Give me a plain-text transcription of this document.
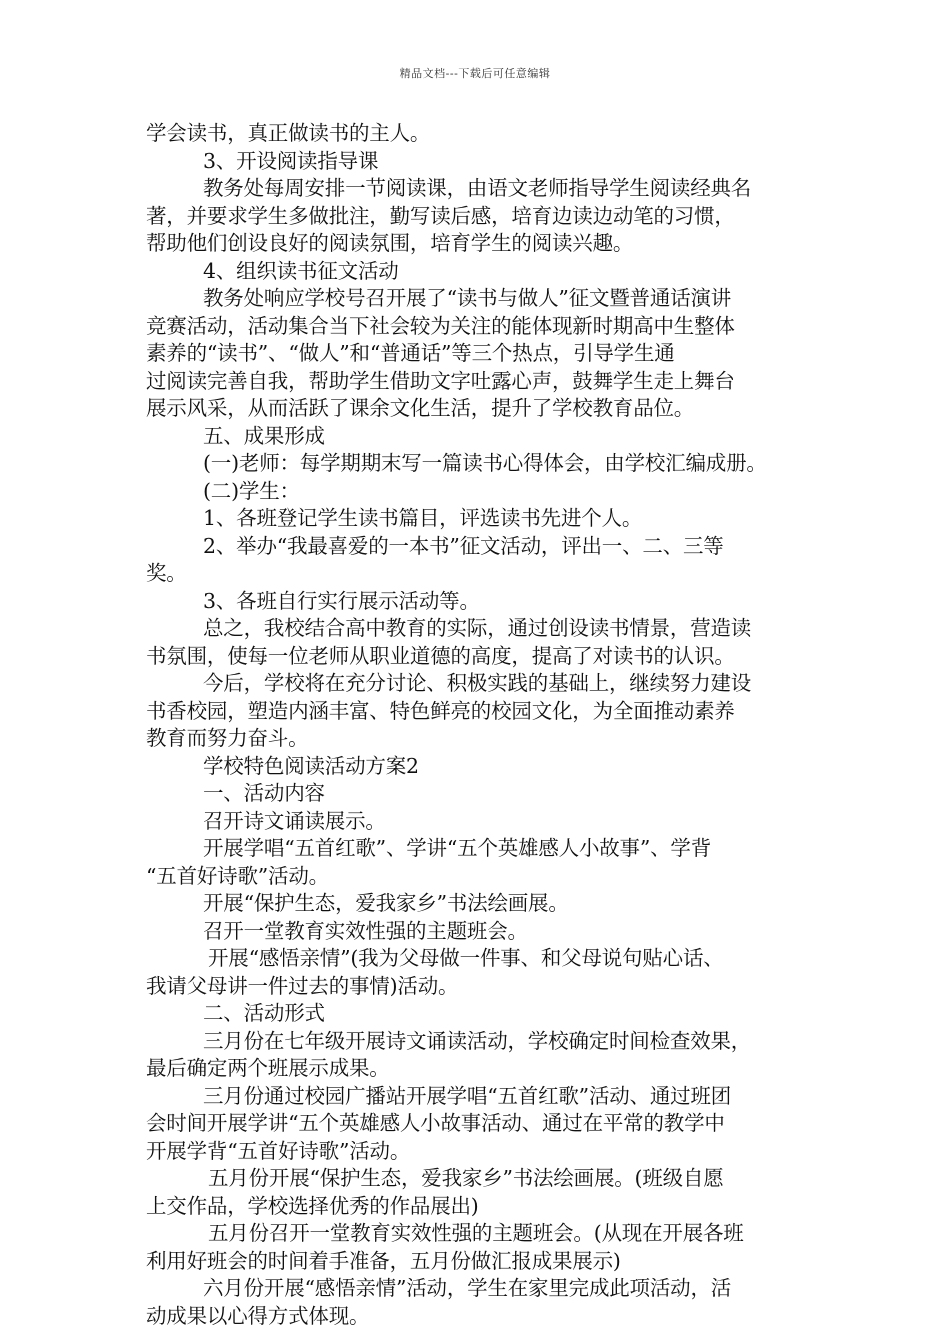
精品文档---下载后可任意编辑
学会读书，真正做读书的主人。
3、开设阅读指导课
教务处每周安排一节阅读课，由语文老师指导学生阅读经典名
著，并要求学生多做批注，勤写读后感，培育边读边动笔的习惯，
帮助他们创设良好的阅读氛围，培育学生的阅读兴趣。
4、组织读书征文活动
教务处响应学校号召开展了“读书与做人”征文暨普通话演讲
竞赛活动，活动集合当下社会较为关注的能体现新时期高中生整体
素养的“读书”、“做人”和“普通话”等三个热点，引导学生通
过阅读完善自我，帮助学生借助文字吐露心声，鼓舞学生走上舞台
展示风采，从而活跃了课余文化生活，提升了学校教育品位。
五、成果形成
(一)老师：每学期期末写一篇读书心得体会，由学校汇编成册。
(二)学生：
1、各班登记学生读书篇目，评选读书先进个人。
2、举办“我最喜爱的一本书”征文活动，评出一、二、三等
奖。
3、各班自行实行展示活动等。
总之，我校结合高中教育的实际，通过创设读书情景，营造读
书氛围，使每一位老师从职业道德的高度，提高了对读书的认识。
今后，学校将在充分讨论、积极实践的基础上，继续努力建设
书香校园，塑造内涵丰富、特色鲜亮的校园文化，为全面推动素养
教育而努力奋斗。
学校特色阅读活动方案2
一、活动内容
召开诗文诵读展示。
开展学唱“五首红歌”、学讲“五个英雄感人小故事”、学背
“五首好诗歌”活动。
开展“保护生态，爱我家乡”书法绘画展。
召开一堂教育实效性强的主题班会。
开展“感悟亲情”(我为父母做一件事、和父母说句贴心话、
我请父母讲一件过去的事情)活动。
二、活动形式
三月份在七年级开展诗文诵读活动，学校确定时间检查效果，
最后确定两个班展示成果。
三月份通过校园广播站开展学唱“五首红歌”活动、通过班团
会时间开展学讲“五个英雄感人小故事活动、通过在平常的教学中
开展学背“五首好诗歌”活动。
五月份开展“保护生态，爱我家乡”书法绘画展。(班级自愿
上交作品，学校选择优秀的作品展出)
五月份召开一堂教育实效性强的主题班会。(从现在开展各班
利用好班会的时间着手准备，五月份做汇报成果展示)
六月份开展“感悟亲情”活动，学生在家里完成此项活动，活
动成果以心得方式体现。
